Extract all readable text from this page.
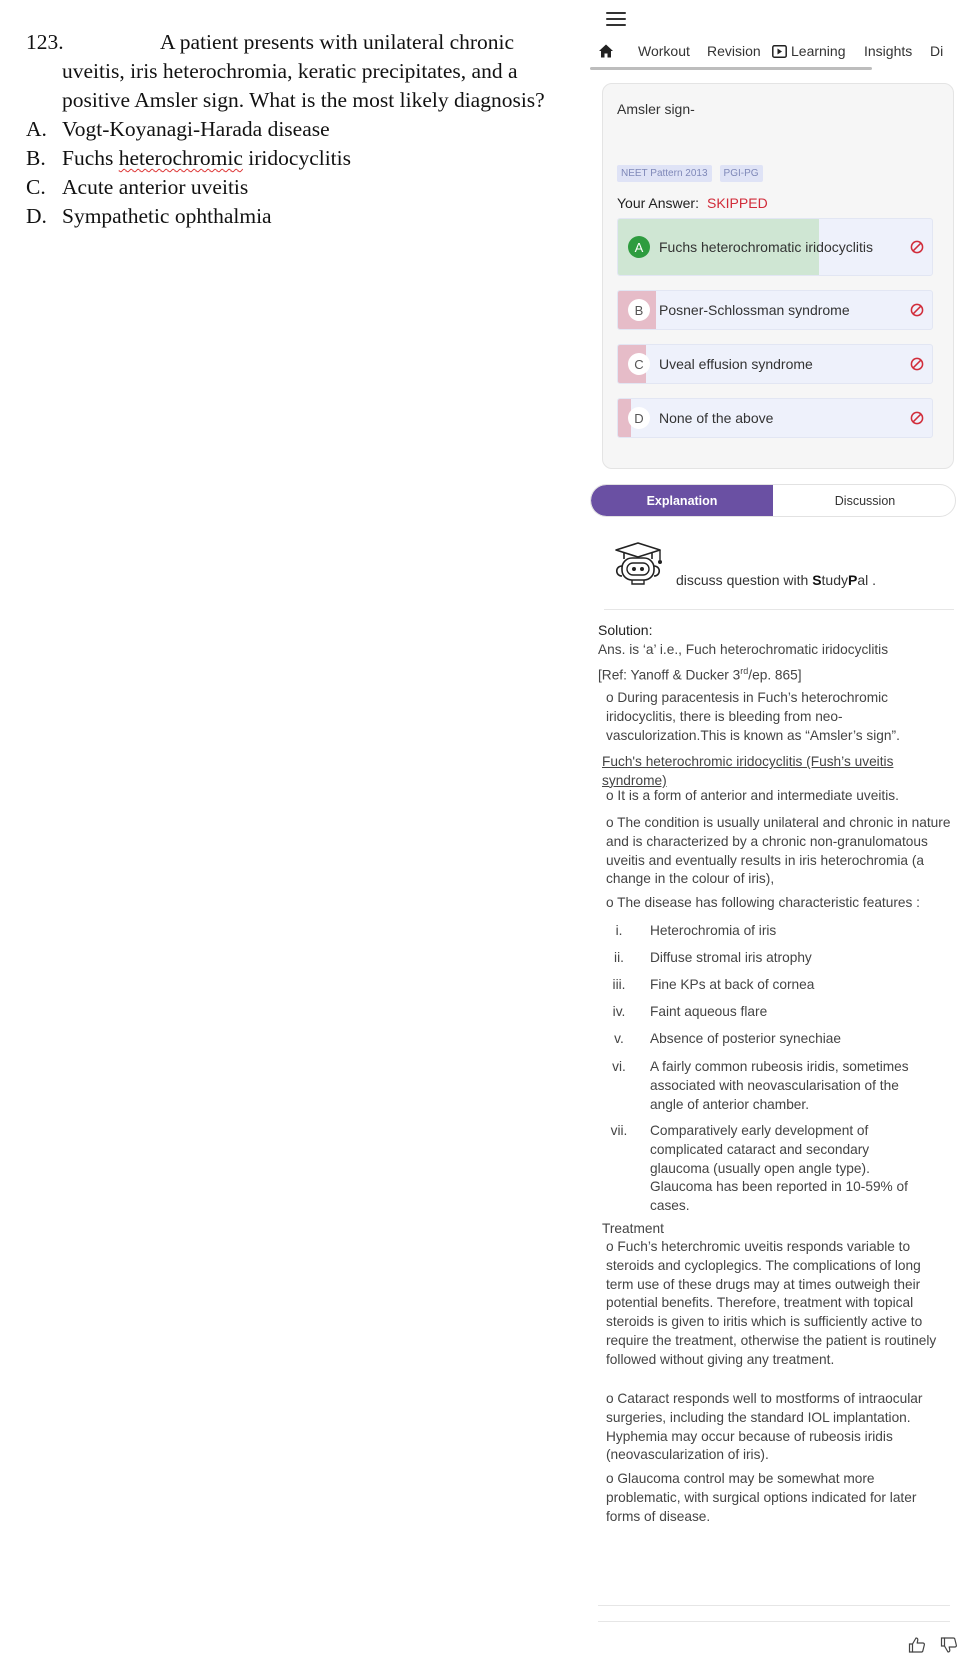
123.	A patient presents with unilateral chronic uveitis, iris heterochromia, keratic precipitates, and a positive Amsler sign. What is the most likely diagnosis?
A. Vogt-Koyanagi-Harada disease
B. Fuchs heterochromic iridocyclitis
C. Acute anterior uveitis
D. Sympathetic ophthalmia
Workout Revision Learning Insights Di
Amsler sign-
NEET Pattern 2013	PGI-PG
Your Answer: SKIPPED
A	Fuchs heterochromatic iridocyclitis
B	Posner-Schlossman syndrome
C	Uveal effusion syndrome
D	None of the above
Explanation	Discussion
discuss question with StudyPal .
Solution:
Ans. is ‘a’ i.e., Fuch heterochromatic iridocyclitis
[Ref: Yanoff & Ducker 3rd/ep. 865]
o During paracentesis in Fuch’s heterochromic iridocyclitis, there is bleeding from neo-vasculorization.This is known as “Amsler’s sign”.
Fuch's heterochromic iridocyclitis (Fush’s uveitis syndrome)
o It is a form of anterior and intermediate uveitis.
o The condition is usually unilateral and chronic in nature and is characterized by a chronic non-granulomatous uveitis and eventually results in iris heterochromia (a change in the colour of iris),
o The disease has following characteristic features :
i.	Heterochromia of iris
ii.	Diffuse stromal iris atrophy
iii.	Fine KPs at back of cornea
iv.	Faint aqueous flare
v.	Absence of posterior synechiae
vi.	A fairly common rubeosis iridis, sometimes associated with neovascularisation of the angle of anterior chamber.
vii.	Comparatively early development of complicated cataract and secondary glaucoma (usually open angle type). Glaucoma has been reported in 10-59% of cases.
Treatment
o Fuch’s heterchromic uveitis responds variable to steroids and cycloplegics. The complications of long term use of these drugs may at times outweigh their potential benefits. Therefore, treatment with topical steroids is given to iritis which is sufficiently active to require the treatment, otherwise the patient is routinely followed without giving any treatment.
o Cataract responds well to mostforms of intraocular surgeries, including the standard IOL implantation. Hyphemia may occur because of rubeosis iridis (neovascularization of iris).
o Glaucoma control may be somewhat more problematic, with surgical options indicated for later forms of disease.
